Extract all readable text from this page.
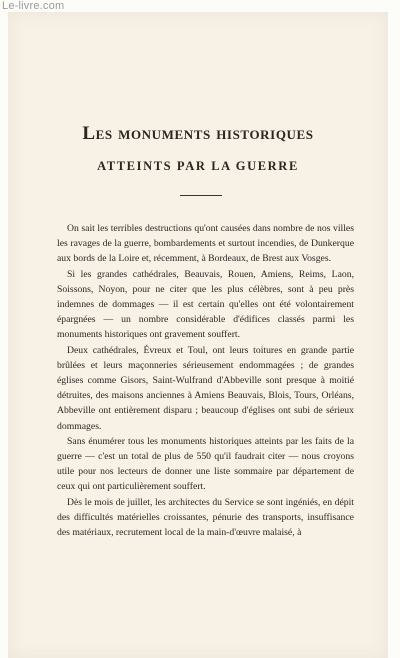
Le-livre.com
Les monuments historiques
ATTEINTS PAR LA GUERRE

On sait les terribles destructions qu'ont causées dans nombre de nos villes les ravages de la guerre, bombardements et surtout incendies, de Dunkerque aux bords de la Loire et, récemment, à Bordeaux, de Brest aux Vosges.

Si les grandes cathédrales, Beauvais, Rouen, Amiens, Reims, Laon, Soissons, Noyon, pour ne citer que les plus célèbres, sont à peu près indemnes de dommages — il est certain qu'elles ont été volontairement épargnées — un nombre considérable d'édifices classés parmi les monuments historiques ont gravement souffert.

Deux cathédrales, Évreux et Toul, ont leurs toitures en grande partie brûlées et leurs maçonneries sérieusement endommagées ; de grandes églises comme Gisors, Saint-Wulfrand d'Abbeville sont presque à moitié détruites, des maisons anciennes à Amiens Beauvais, Blois, Tours, Orléans, Abbeville ont entièrement disparu ; beaucoup d'églises ont subi de sérieux dommages.

Sans énumérer tous les monuments historiques atteints par les faits de la guerre — c'est un total de plus de 550 qu'il faudrait citer — nous croyons utile pour nos lecteurs de donner une liste sommaire par département de ceux qui ont particulièrement souffert.

Dès le mois de juillet, les architectes du Service se sont ingéniés, en dépit des difficultés matérielles croissantes, pénurie des transports, insuffisance des matériaux, recrutement local de la main-d'œuvre malaisé, à
